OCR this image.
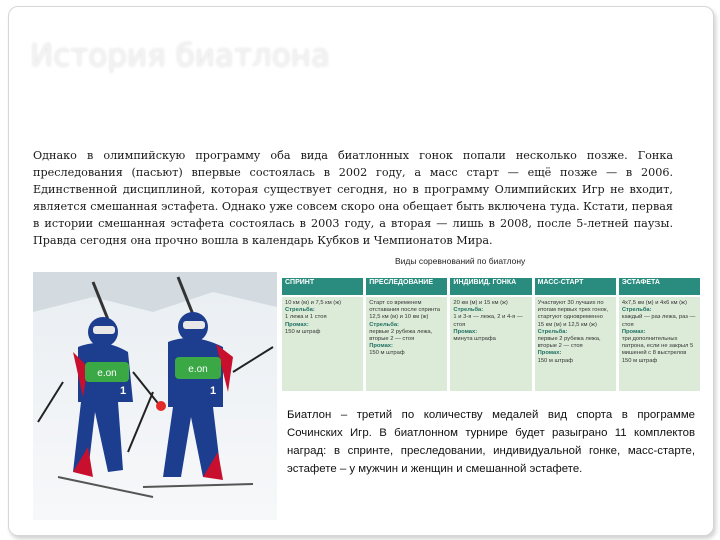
История биатлона

Однако в олимпийскую программу оба вида биатлонных гонок попали несколько позже. Гонка преследования (пасьют) впервые состоялась в 2002 году, а масс старт — ещё позже — в 2006. Единственной дисциплиной, которая существует сегодня, но в программу Олимпийских Игр не входит, является смешанная эстафета. Однако уже совсем скоро она обещает быть включена туда. Кстати, первая в истории смешанная эстафета состоялась в 2003 году, а вторая — лишь в 2008, после 5-летней паузы. Правда сегодня она прочно вошла в календарь Кубков и Чемпионатов Мира.

Виды соревнований по биатлону
e.on
1
e.on
1
СПРИНТ
10 км (м) и 7,5 км (ж)
Стрельба:
1 лежа и 1 стоя
Промах:
150 м штраф
ПРЕСЛЕДОВАНИЕ
Старт со временем отставания после спринта
12,5 км (м) и 10 км (ж)
Стрельба:
первые 2 рубежа лежа, вторые 2 — стоя
Промах:
150 м штраф
ИНДИВИД. ГОНКА
20 км (м) и 15 км (ж)
Стрельба:
1 и 3-я — лежа, 2 и 4-я — стоя
Промах:
минута штрафа
МАСС-СТАРТ
Участвуют 30 лучших по итогам первых трех гонок, стартуют одновременно
15 км (м) и 12,5 км (ж)
Стрельба:
первые 2 рубежа лежа, вторые 2 — стоя
Промах:
150 м штраф
ЭСТАФЕТА
4х7,5 км (м) и 4х6 км (ж)
Стрельба:
каждый — раз лежа, раз — стоя
Промах:
три дополнительных патрона, если не закрыл 5 мишеней с 8 выстрелов
150 м штраф

Биатлон – третий по количеству медалей вид спорта в программе Сочинских Игр. В биатлонном турнире будет разыграно 11 комплектов наград: в спринте, преследовании, индивидуальной гонке, масс-старте, эстафете – у мужчин и женщин и смешанной эстафете.
